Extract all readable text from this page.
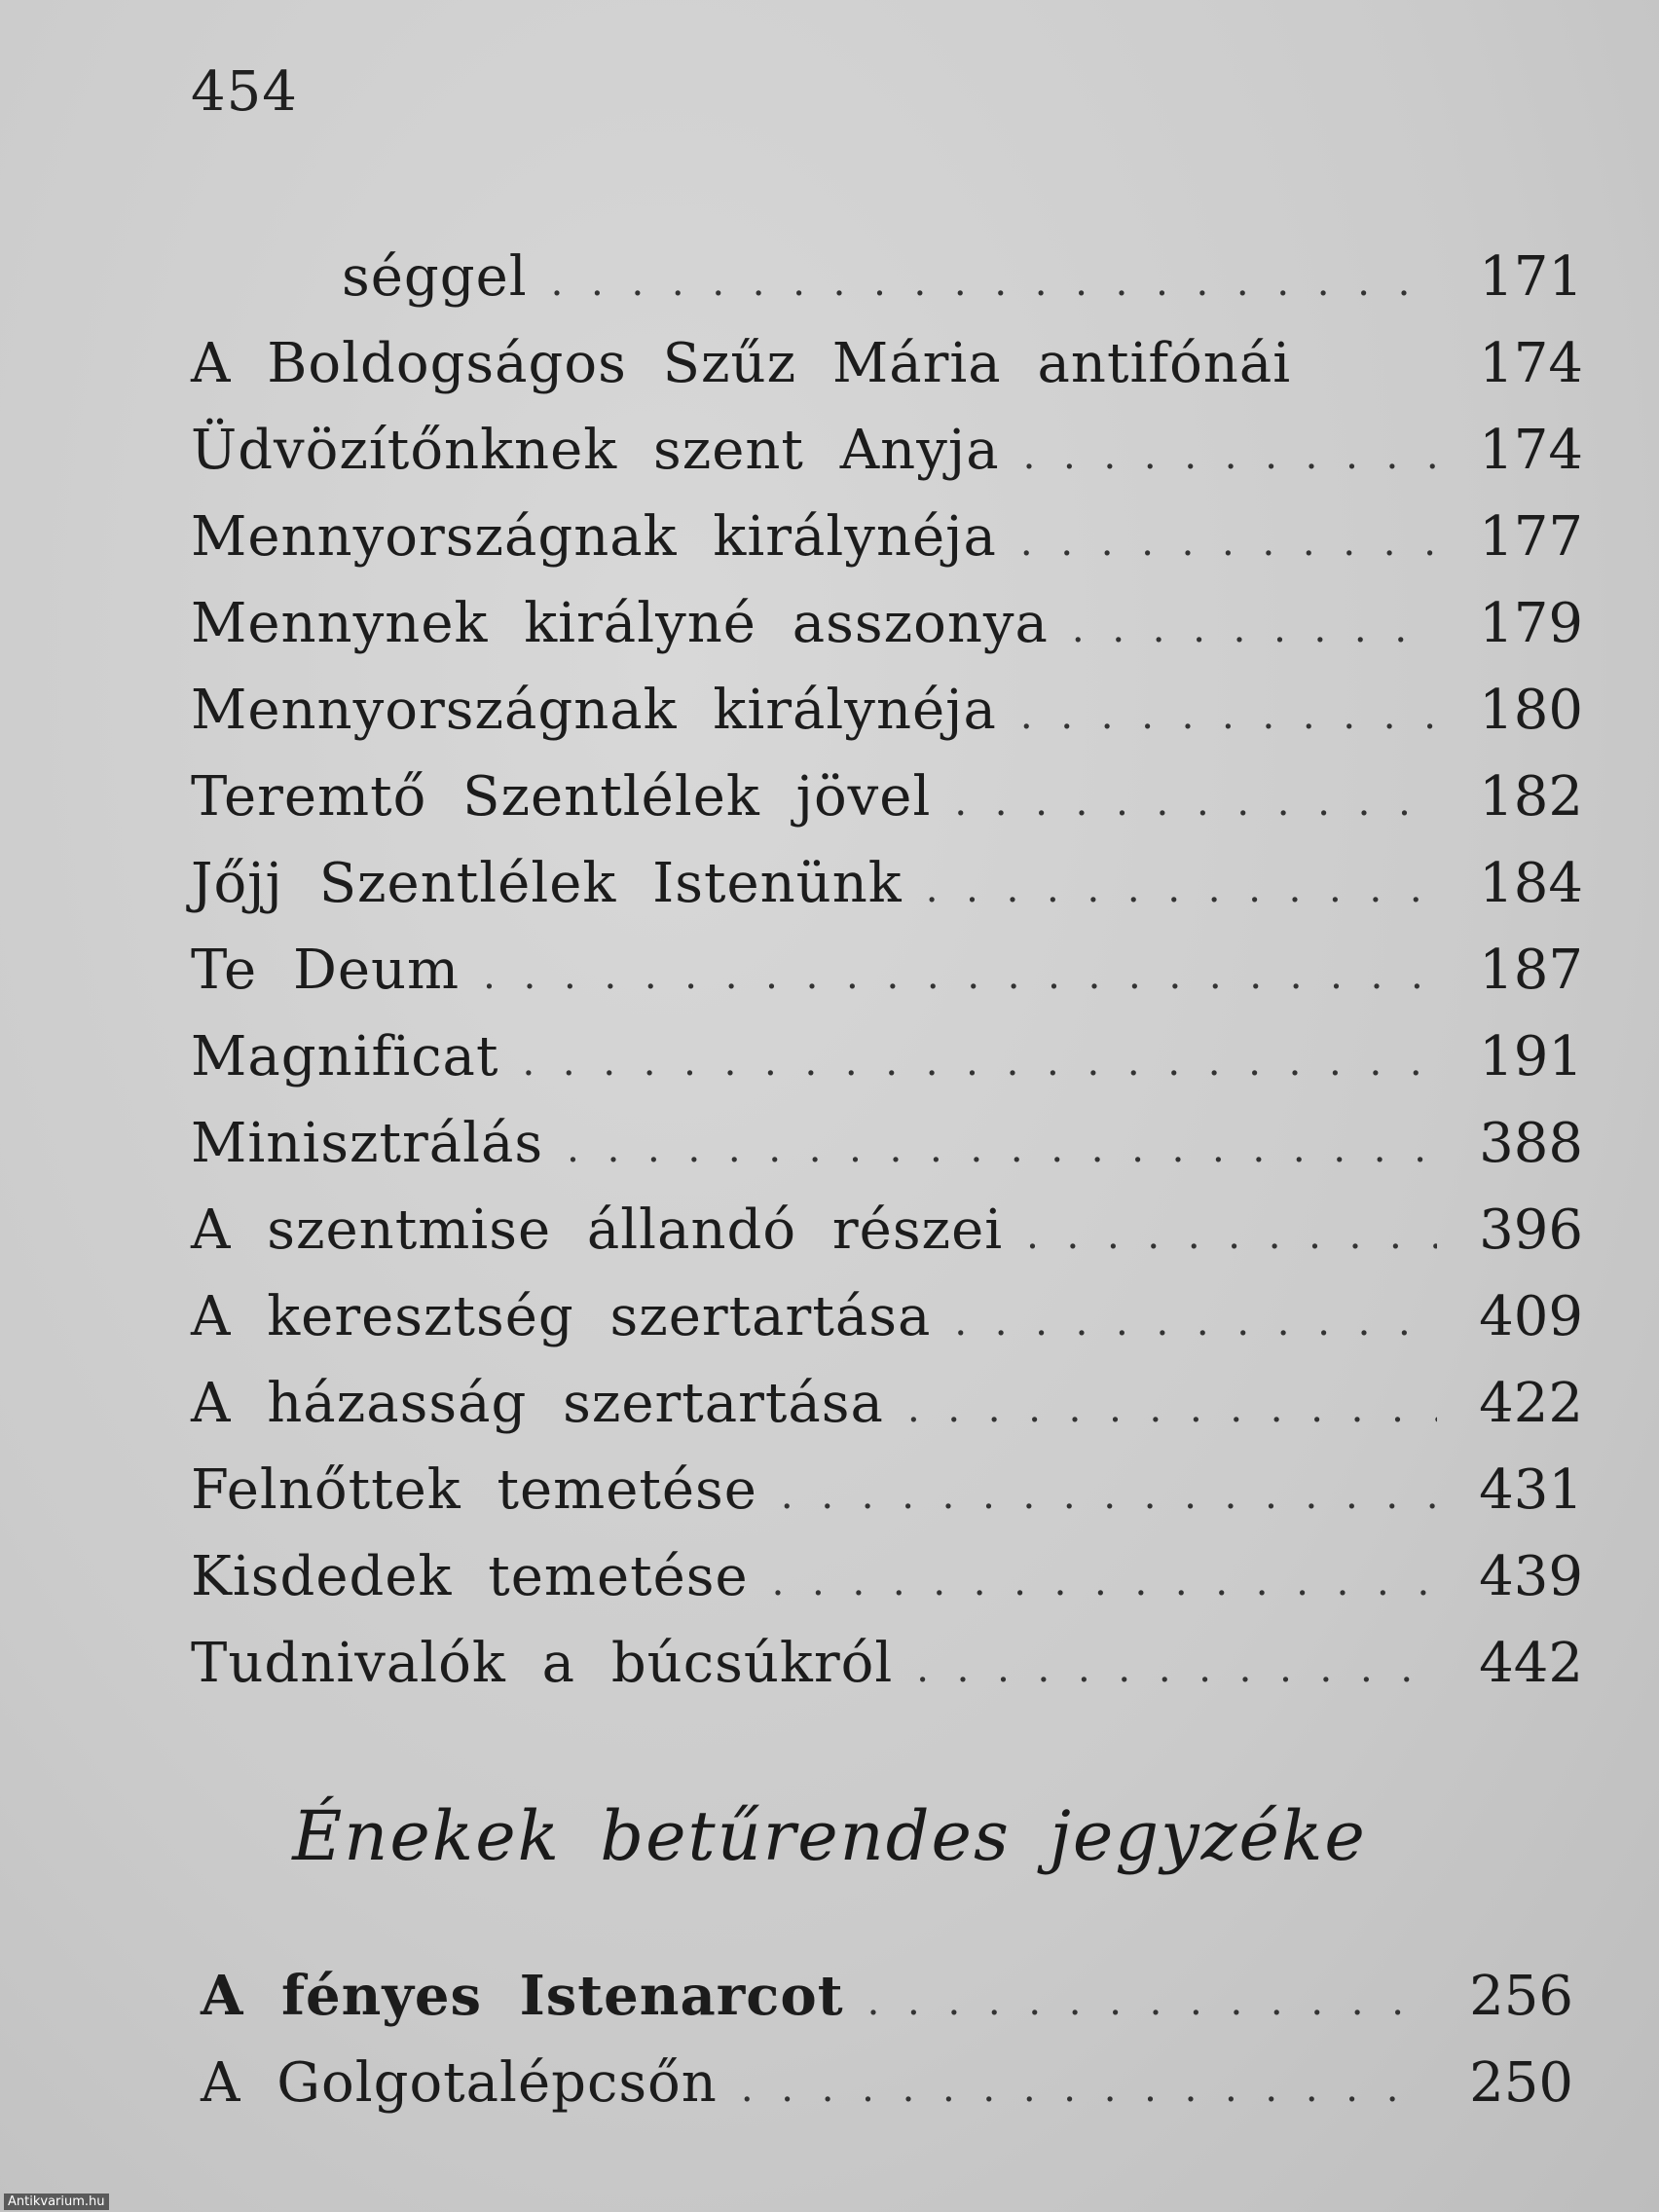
454
séggel . . .	171
A Boldogságos Szűz Mária antifónái	174
Üdvözítőnknek szent Anyja . . .	174
Mennyországnak királynéja . . .	177
Mennynek királyné asszonya . . .	179
Mennyországnak királynéja . . .	180
Teremtő Szentlélek jövel . . .	182
Jőjj Szentlélek Istenünk . . .	184
Te Deum . . .	187
Magnificat . . .	191
Minisztrálás . . .	388
A szentmise állandó részei . . .	396
A keresztség szertartása . . .	409
A házasság szertartása . . .	422
Felnőttek temetése . . .	431
Kisdedek temetése . . .	439
Tudnivalók a búcsúkról . . .	442
Énekek betűrendes jegyzéke
A fényes Istenarcot . . .	256
A Golgotalépcsőn . . .	250
Antikvarium.hu
